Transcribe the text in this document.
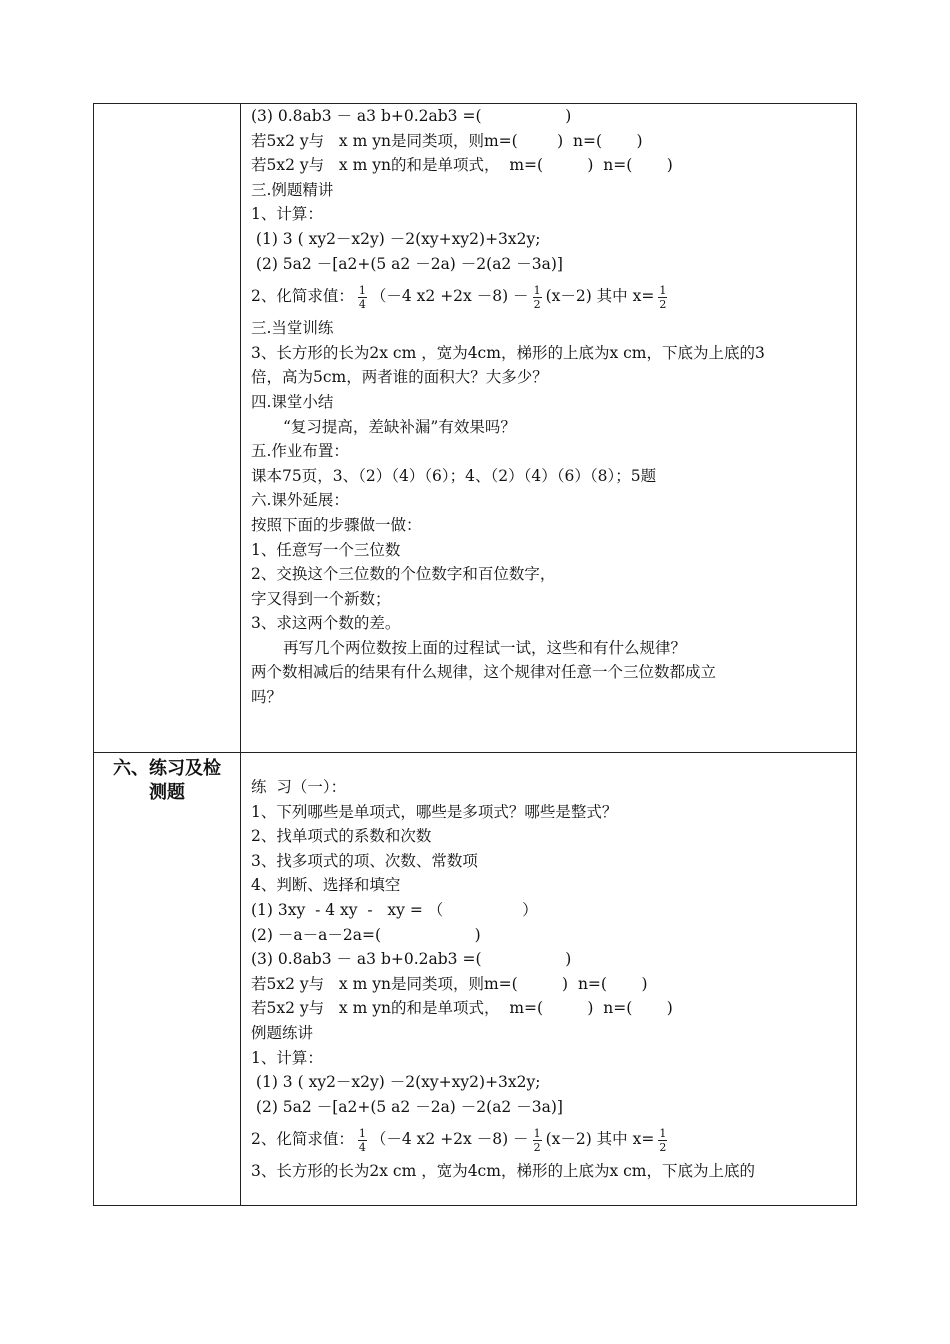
(3) 0.8ab3 － a3 b+0.2ab3 =(                 )
若5x2 y与   x m yn是同类项，则m=(        )  n=(       )
若5x2 y与   x m yn的和是单项式，  m=(         )  n=(       )
三.例题精讲
1、计算：
(1) 3 ( xy2－x2y) －2(xy+xy2)+3x2y;
(2) 5a2 －[a2+(5 a2 －2a) －2(a2 －3a)]
2、化简求值： $\frac{1}{4} (-4$ $x2 +2x -8) - \frac{1}{2} (x-2)$ 其中 $x= \frac{1}{2}$
三.当堂训练
3、长方形的长为2x cm ，宽为4cm，梯形的上底为x cm，下底为上底的3
倍，高为5cm，两者谁的面积大？大多少？
四.课堂小结
“复习提高，差缺补漏”有效果吗？
五.作业布置：
课本75页，3、（2）（4）（6）；4、（2）（4）（6）（8）；5题
六.课外延展：
按照下面的步骤做一做：
1、任意写一个三位数
2、交换这个三位数的个位数字和百位数字，
字又得到一个新数；
3、求这两个数的差。
再写几个两位数按上面的过程试一试，这些和有什么规律？
两个数相减后的结果有什么规律，这个规律对任意一个三位数都成立
吗？
六、练习及检
测题	练  习（一）：
1、下列哪些是单项式，哪些是多项式？哪些是整式？
2、找单项式的系数和次数
3、找多项式的项、次数、常数项
4、判断、选择和填空
(1) 3xy  - 4 xy  -   xy = （                ）
(2) －a－a－2a=(                   )
(3) 0.8ab3 － a3 b+0.2ab3 =(                 )
若5x2 y与   x m yn是同类项，则m=(         )  n=(       )
若5x2 y与   x m yn的和是单项式，  m=(         )  n=(       )
例题练讲
1、计算：
(1) 3 ( xy2－x2y) －2(xy+xy2)+3x2y;
(2) 5a2 －[a2+(5 a2 －2a) －2(a2 －3a)]
2、化简求值： $\frac{1}{4} (-4$ $x2 +2x -8) - \frac{1}{2} (x-2)$ 其中 $x= \frac{1}{2}$
3、长方形的长为2x cm ，宽为4cm，梯形的上底为x cm，下底为上底的
